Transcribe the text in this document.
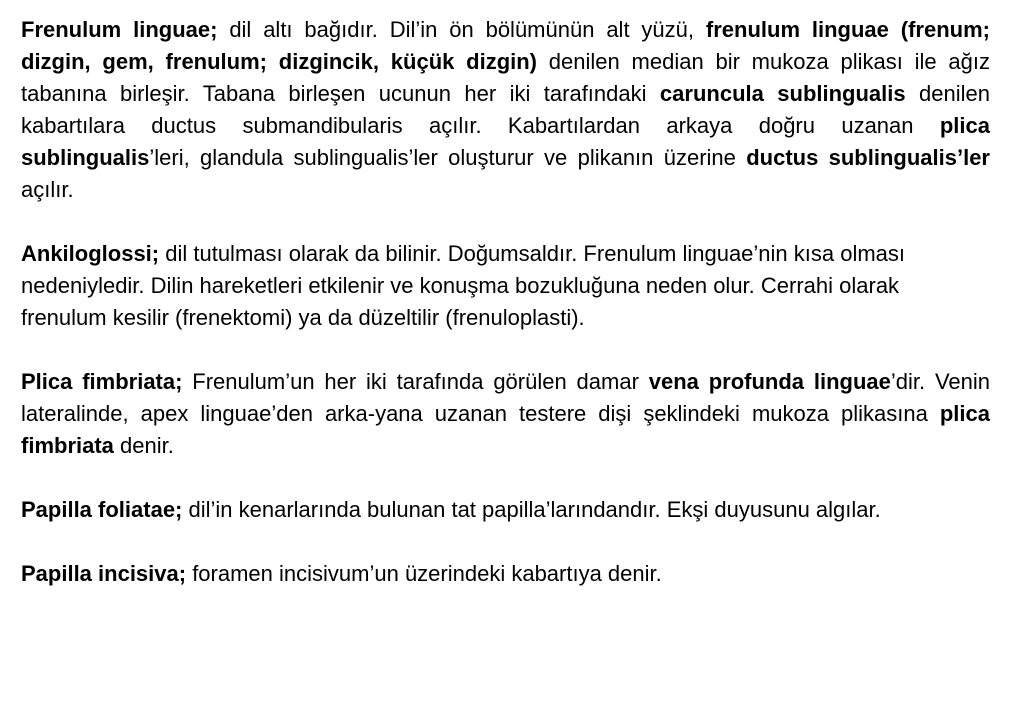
Frenulum linguae; dil altı bağıdır. Dil’in ön bölümünün alt yüzü, frenulum linguae (frenum; dizgin, gem, frenulum; dizgincik, küçük dizgin) denilen median bir mukoza plikası ile ağız tabanına birleşir. Tabana birleşen ucunun her iki tarafındaki caruncula sublingualis denilen kabartılara ductus submandibularis açılır. Kabartılardan arkaya doğru uzanan plica sublingualis’leri, glandula sublingualis’ler oluşturur ve plikanın üzerine ductus sublingualis’ler açılır.

Ankiloglossi; dil tutulması olarak da bilinir. Doğumsaldır. Frenulum linguae’nin kısa olması nedeniyledir. Dilin hareketleri etkilenir ve konuşma bozukluğuna neden olur. Cerrahi olarak frenulum kesilir (frenektomi) ya da düzeltilir (frenuloplasti).

Plica fimbriata; Frenulum’un her iki tarafında görülen damar vena profunda linguae’dir. Venin lateralinde, apex linguae’den arka-yana uzanan testere dişi şeklindeki mukoza plikasına plica fimbriata denir.

Papilla foliatae; dil’in kenarlarında bulunan tat papilla’larındandır. Ekşi duyusunu algılar.

Papilla incisiva; foramen incisivum’un üzerindeki kabartıya denir.
